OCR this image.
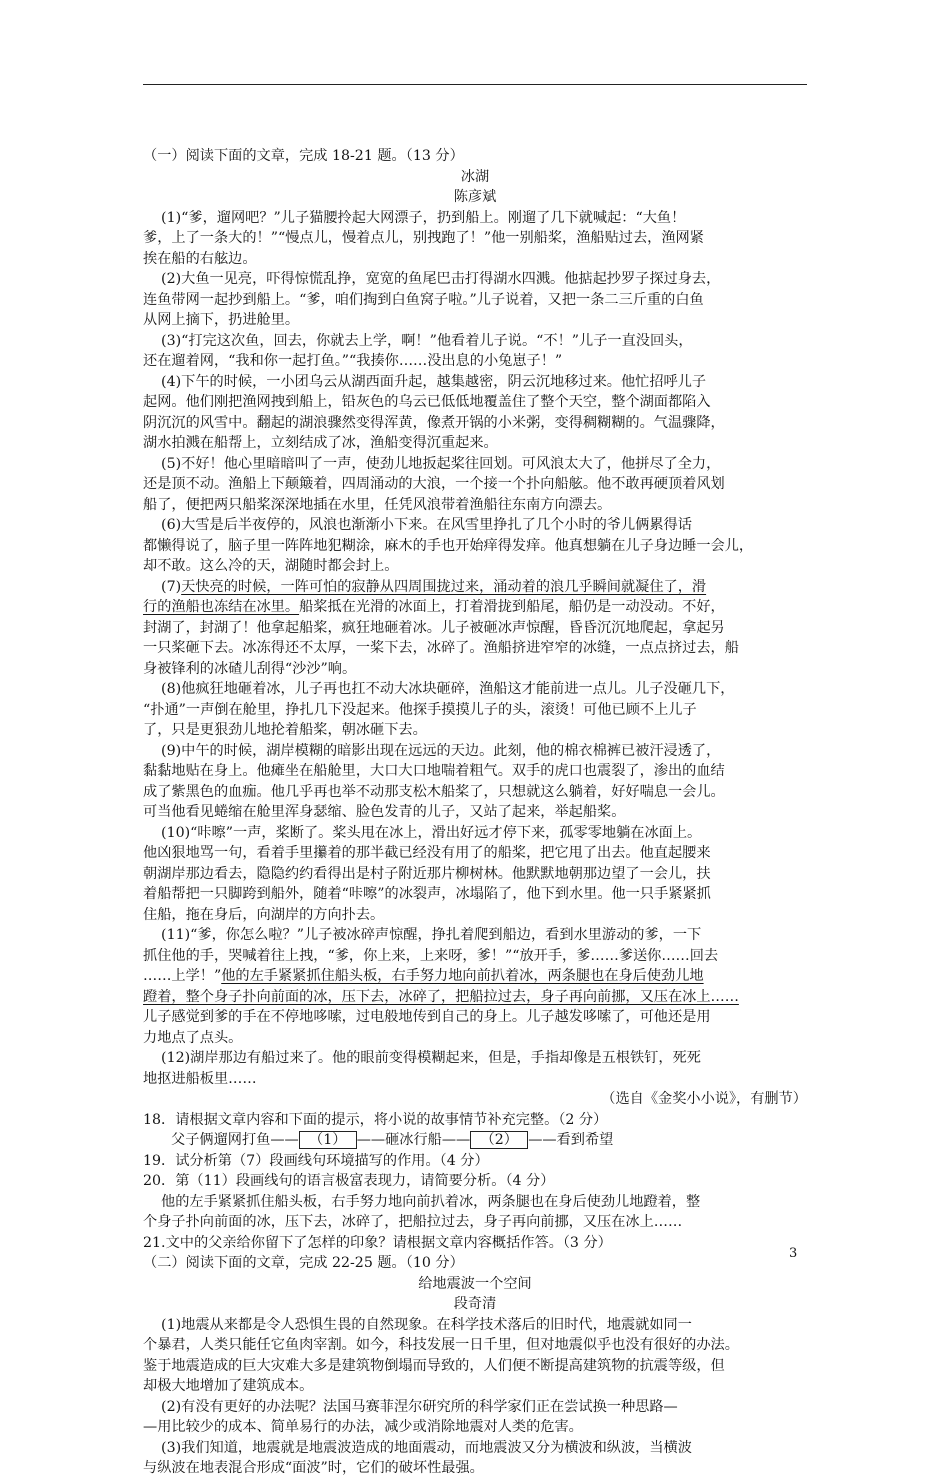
（一）阅读下面的文章，完成 18-21 题。（13 分）
冰湖
陈彦斌
(1)“爹，遛网吧？”儿子猫腰拎起大网漂子，扔到船上。刚遛了几下就喊起：“大鱼！
爹，上了一条大的！”“慢点儿，慢着点儿，别拽跑了！”他一别船桨，渔船贴过去，渔网紧
挨在船的右舷边。
(2)大鱼一见亮，吓得惊慌乱挣，宽宽的鱼尾巴击打得湖水四溅。他掂起抄罗子探过身去，
连鱼带网一起抄到船上。“爹，咱们掏到白鱼窝子啦。”儿子说着，又把一条二三斤重的白鱼
从网上摘下，扔进舱里。
(3)“打完这次鱼，回去，你就去上学，啊！”他看着儿子说。“不！”儿子一直没回头，
还在遛着网，“我和你一起打鱼。”“我揍你……没出息的小兔崽子！”
(4)下午的时候，一小团乌云从湖西面升起，越集越密，阴云沉地移过来。他忙招呼儿子
起网。他们刚把渔网拽到船上，铅灰色的乌云已低低地覆盖住了整个天空，整个湖面都陷入
阴沉沉的风雪中。翻起的湖浪骤然变得浑黄，像煮开锅的小米粥，变得稠糊糊的。气温骤降，
湖水拍溅在船帮上，立刻结成了冰，渔船变得沉重起来。
(5)不好！他心里暗暗叫了一声，使劲儿地扳起桨往回划。可风浪太大了，他拼尽了全力，
还是顶不动。渔船上下颠簸着，四周涌动的大浪，一个接一个扑向船舷。他不敢再硬顶着风划
船了，便把两只船桨深深地插在水里，任凭风浪带着渔船往东南方向漂去。
(6)大雪是后半夜停的，风浪也渐渐小下来。在风雪里挣扎了几个小时的爷儿俩累得话
都懒得说了，脑子里一阵阵地犯糊涂，麻木的手也开始痒得发痒。他真想躺在儿子身边睡一会儿，
却不敢。这么冷的天，湖随时都会封上。
(7)天快亮的时候，一阵可怕的寂静从四周围拢过来，涌动着的浪几乎瞬间就凝住了，滑
行的渔船也冻结在冰里。船桨抵在光滑的冰面上，打着滑拢到船尾，船仍是一动没动。不好，
封湖了，封湖了！他拿起船桨，疯狂地砸着冰。儿子被砸冰声惊醒，昏昏沉沉地爬起，拿起另
一只桨砸下去。冰冻得还不太厚，一桨下去，冰碎了。渔船挤进窄窄的冰缝，一点点挤过去，船
身被锋利的冰碴儿刮得“沙沙”响。
(8)他疯狂地砸着冰，儿子再也扛不动大冰块砸碎，渔船这才能前进一点儿。儿子没砸几下，
“扑通”一声倒在舱里，挣扎几下没起来。他探手摸摸儿子的头，滚烫！可他已顾不上儿子
了，只是更狠劲儿地抡着船桨，朝冰砸下去。
(9)中午的时候，湖岸模糊的暗影出现在远远的天边。此刻，他的棉衣棉裤已被汗浸透了，
黏黏地贴在身上。他瘫坐在船舱里，大口大口地喘着粗气。双手的虎口也震裂了，渗出的血结
成了紫黑色的血痂。他几乎再也举不动那支松木船桨了，只想就这么躺着，好好喘息一会儿。
可当他看见蜷缩在舱里浑身瑟缩、脸色发青的儿子，又站了起来，举起船桨。
(10)“咔嚓”一声，桨断了。桨头甩在冰上，滑出好远才停下来，孤零零地躺在冰面上。
他凶狠地骂一句，看着手里攥着的那半截已经没有用了的船桨，把它甩了出去。他直起腰来
朝湖岸那边看去，隐隐约约看得出是村子附近那片柳树林。他默默地朝那边望了一会儿，扶
着船帮把一只脚跨到船外，随着“咔嚓”的冰裂声，冰塌陷了，他下到水里。他一只手紧紧抓
住船，拖在身后，向湖岸的方向扑去。
(11)“爹，你怎么啦？”儿子被冰碎声惊醒，挣扎着爬到船边，看到水里游动的爹，一下
抓住他的手，哭喊着往上拽，“爹，你上来，上来呀，爹！”“放开手，爹……爹送你……回去
……上学！”他的左手紧紧抓住船头板，右手努力地向前扒着冰，两条腿也在身后使劲儿地
蹬着，整个身子扑向前面的冰，压下去，冰碎了，把船拉过去，身子再向前挪，又压在冰上……
儿子感觉到爹的手在不停地哆嗦，过电般地传到自己的身上。儿子越发哆嗦了，可他还是用
力地点了点头。
(12)湖岸那边有船过来了。他的眼前变得模糊起来，但是，手指却像是五根铁钉，死死
地抠进船板里……
（选自《金奖小小说》，有删节）
18．请根据文章内容和下面的提示，将小说的故事情节补充完整。（2 分）
父子俩遛网打鱼—— （1） ——砸冰行船—— （2） ——看到希望
19．试分析第（7）段画线句环境描写的作用。（4 分）
20．第（11）段画线句的语言极富表现力，请简要分析。（4 分）
他的左手紧紧抓住船头板，右手努力地向前扒着冰，两条腿也在身后使劲儿地蹬着，整
个身子扑向前面的冰，压下去，冰碎了，把船拉过去，身子再向前挪，又压在冰上……
21.文中的父亲给你留下了怎样的印象？请根据文章内容概括作答。（3 分）
（二）阅读下面的文章，完成 22-25 题。（10 分）
给地震波一个空间
段奇清
(1)地震从来都是令人恐惧生畏的自然现象。在科学技术落后的旧时代，地震就如同一
个暴君，人类只能任它鱼肉宰割。如今，科技发展一日千里，但对地震似乎也没有很好的办法。
鉴于地震造成的巨大灾难大多是建筑物倒塌而导致的，人们便不断提高建筑物的抗震等级，但
却极大地增加了建筑成本。
(2)有没有更好的办法呢？法国马赛菲涅尔研究所的科学家们正在尝试换一种思路—
—用比较少的成本、简单易行的办法，减少或消除地震对人类的危害。
(3)我们知道，地震就是地震波造成的地面震动，而地震波又分为横波和纵波，当横波
与纵波在地表混合形成“面波”时，它们的破坏性最强。
3
